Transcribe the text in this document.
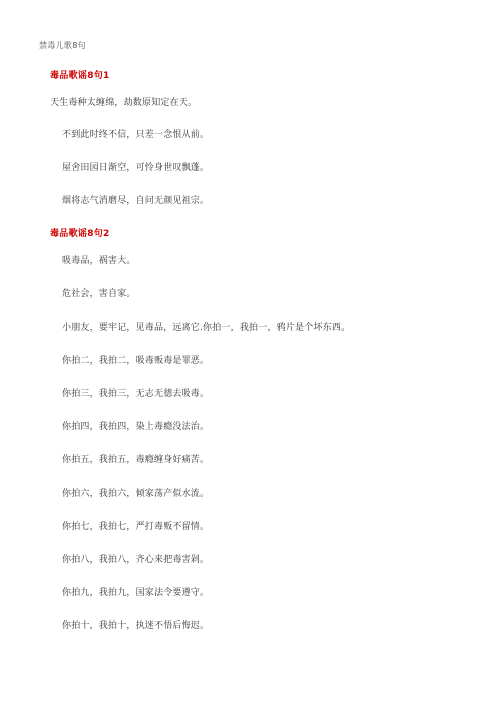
禁毒儿歌8句
毒品歌谣8句1
天生毒种太缠绵，劫数原知定在天。
不到此时终不信，只差一念恨从前。
屋舍田园日渐空，可怜身世叹飘蓬。
烟将志气消磨尽，自问无颜见祖宗。
毒品歌谣8句2
吸毒品，祸害大。
危社会，害自家。
小朋友，要牢记，见毒品，远离它.你拍一，我拍一，鸦片是个坏东西。
你拍二，我拍二，吸毒贩毒是罪恶。
你拍三，我拍三，无志无德去吸毒。
你拍四，我拍四，染上毒瘾没法治。
你拍五，我拍五，毒瘾缠身好痛苦。
你拍六，我拍六，倾家荡产似水流。
你拍七，我拍七，严打毒贩不留情。
你拍八，我拍八，齐心来把毒害剁。
你拍九，我拍九，国家法令要遵守。
你拍十，我拍十，执迷不悟后悔迟。
